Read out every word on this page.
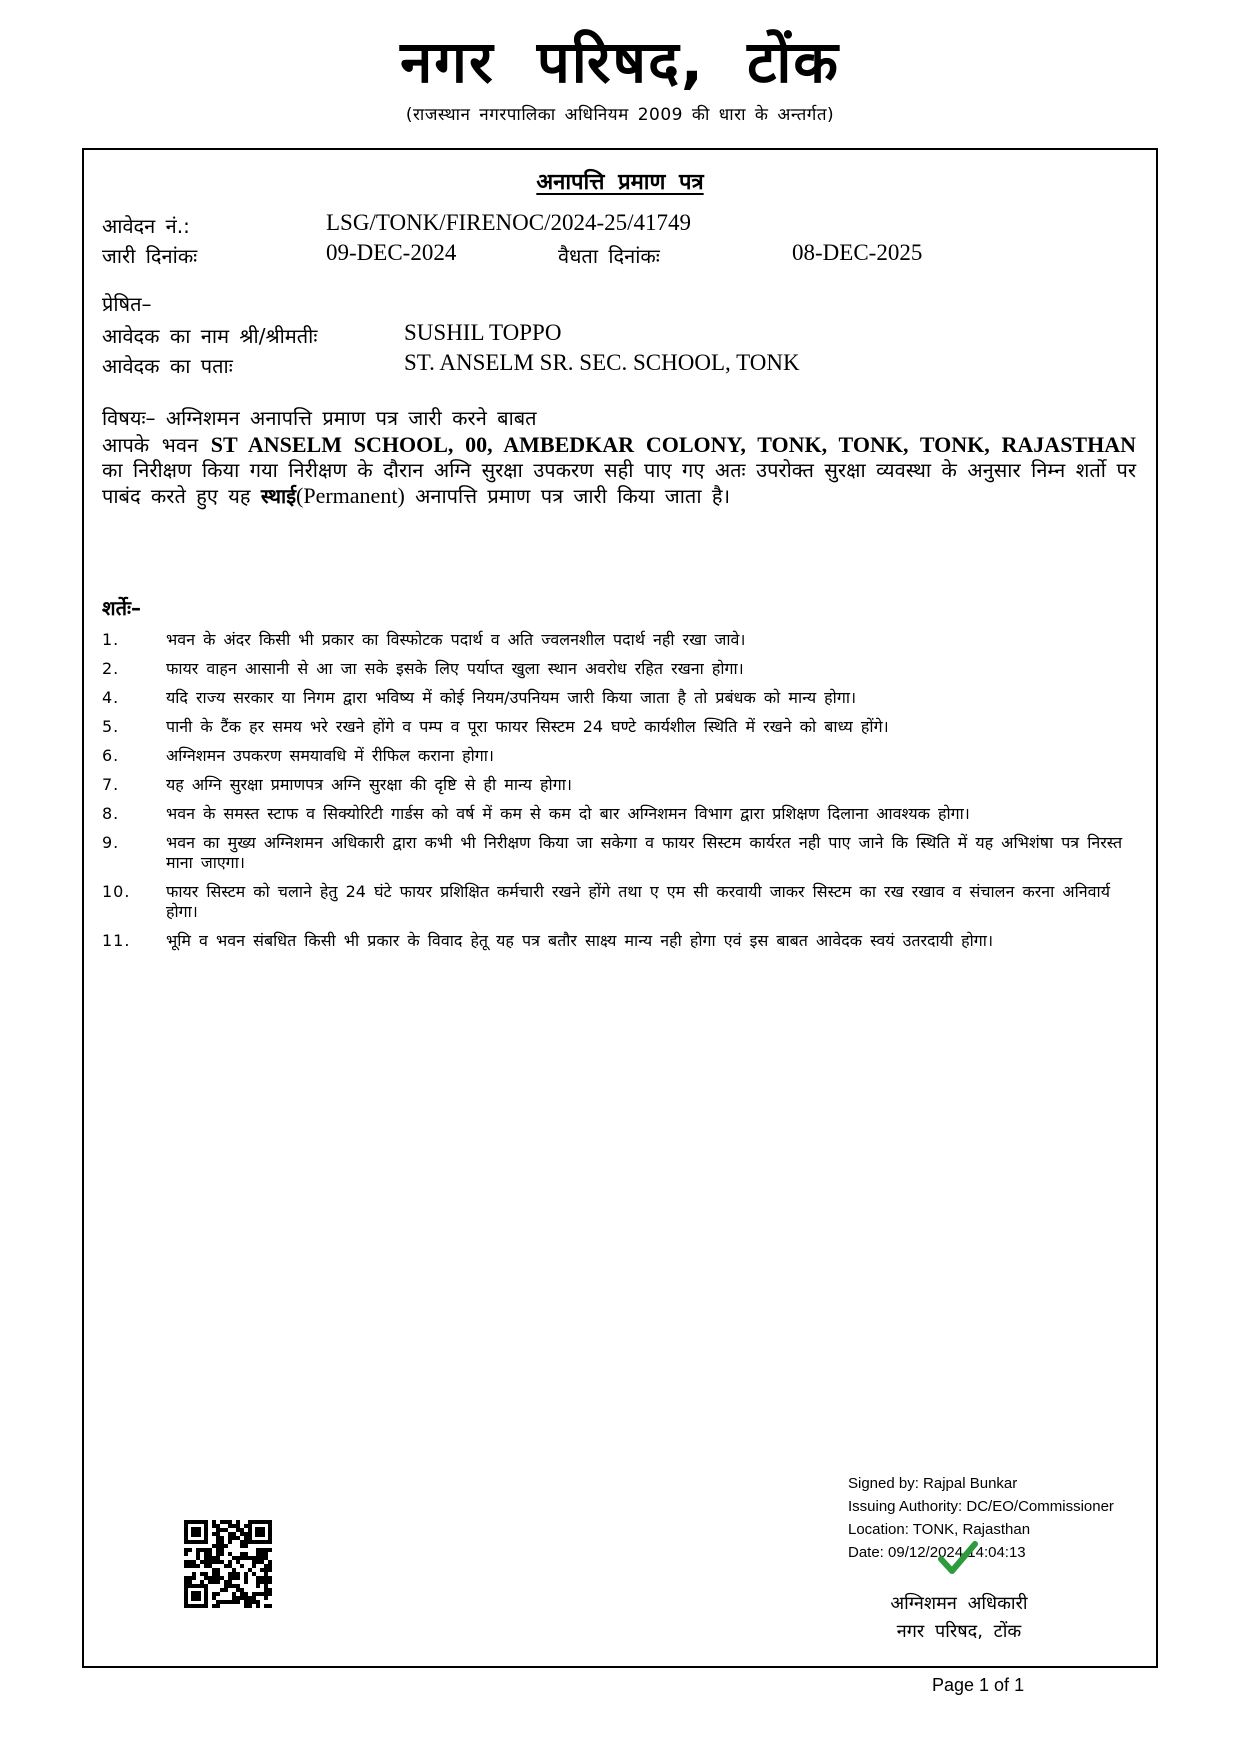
नगर परिषद, टोंक
(राजस्थान नगरपालिका अधिनियम 2009 की धारा के अन्तर्गत)
अनापत्ति प्रमाण पत्र
आवेदन नं.:	LSG/TONK/FIRENOC/2024-25/41749
जारी दिनांकः	09-DEC-2024	वैधता दिनांकः	08-DEC-2025
प्रेषित–
आवेदक का नाम श्री/श्रीमतीः	SUSHIL TOPPO
आवेदक का पताः	ST. ANSELM SR. SEC. SCHOOL, TONK
विषयः– अग्निशमन अनापत्ति प्रमाण पत्र जारी करने बाबत
आपके भवन ST ANSELM SCHOOL, 00, AMBEDKAR COLONY, TONK, TONK, TONK, RAJASTHAN का निरीक्षण किया गया निरीक्षण के दौरान अग्नि सुरक्षा उपकरण सही पाए गए अतः उपरोक्त सुरक्षा व्यवस्था के अनुसार निम्न शर्तो पर पाबंद करते हुए यह स्थाई(Permanent) अनापत्ति प्रमाण पत्र जारी किया जाता है।
शर्तेः–
1.	भवन के अंदर किसी भी प्रकार का विस्फोटक पदार्थ व अति ज्वलनशील पदार्थ नही रखा जावे।
2.	फायर वाहन आसानी से आ जा सके इसके लिए पर्याप्त खुला स्थान अवरोध रहित रखना होगा।
4.	यदि राज्य सरकार या निगम द्वारा भविष्य में कोई नियम/उपनियम जारी किया जाता है तो प्रबंधक को मान्य होगा।
5.	पानी के टैंक हर समय भरे रखने होंगे व पम्प व पूरा फायर सिस्टम 24 घण्टे कार्यशील स्थिति में रखने को बाध्य होंगे।
6.	अग्निशमन उपकरण समयावधि में रीफिल कराना होगा।
7.	यह अग्नि सुरक्षा प्रमाणपत्र अग्नि सुरक्षा की दृष्टि से ही मान्य होगा।
8.	भवन के समस्त स्टाफ व सिक्योरिटी गार्डस को वर्ष में कम से कम दो बार अग्निशमन विभाग द्वारा प्रशिक्षण दिलाना आवश्यक होगा।
9.	भवन का मुख्य अग्निशमन अधिकारी द्वारा कभी भी निरीक्षण किया जा सकेगा व फायर सिस्टम कार्यरत नही पाए जाने कि स्थिति में यह अभिशंषा पत्र निरस्त माना जाएगा।
10.	फायर सिस्टम को चलाने हेतु 24 घंटे फायर प्रशिक्षित कर्मचारी रखने होंगे तथा ए एम सी करवायी जाकर सिस्टम का रख रखाव व संचालन करना अनिवार्य होगा।
11.	भूमि व भवन संबधित किसी भी प्रकार के विवाद हेतू यह पत्र बतौर साक्ष्य मान्य नही होगा एवं इस बाबत आवेदक स्वयं उतरदायी होगा।
Signed by: Rajpal Bunkar
Issuing Authority: DC/EO/Commissioner
Location: TONK, Rajasthan
Date: 09/12/2024 14:04:13
अग्निशमन अधिकारी
नगर परिषद, टोंक
Page 1 of 1
